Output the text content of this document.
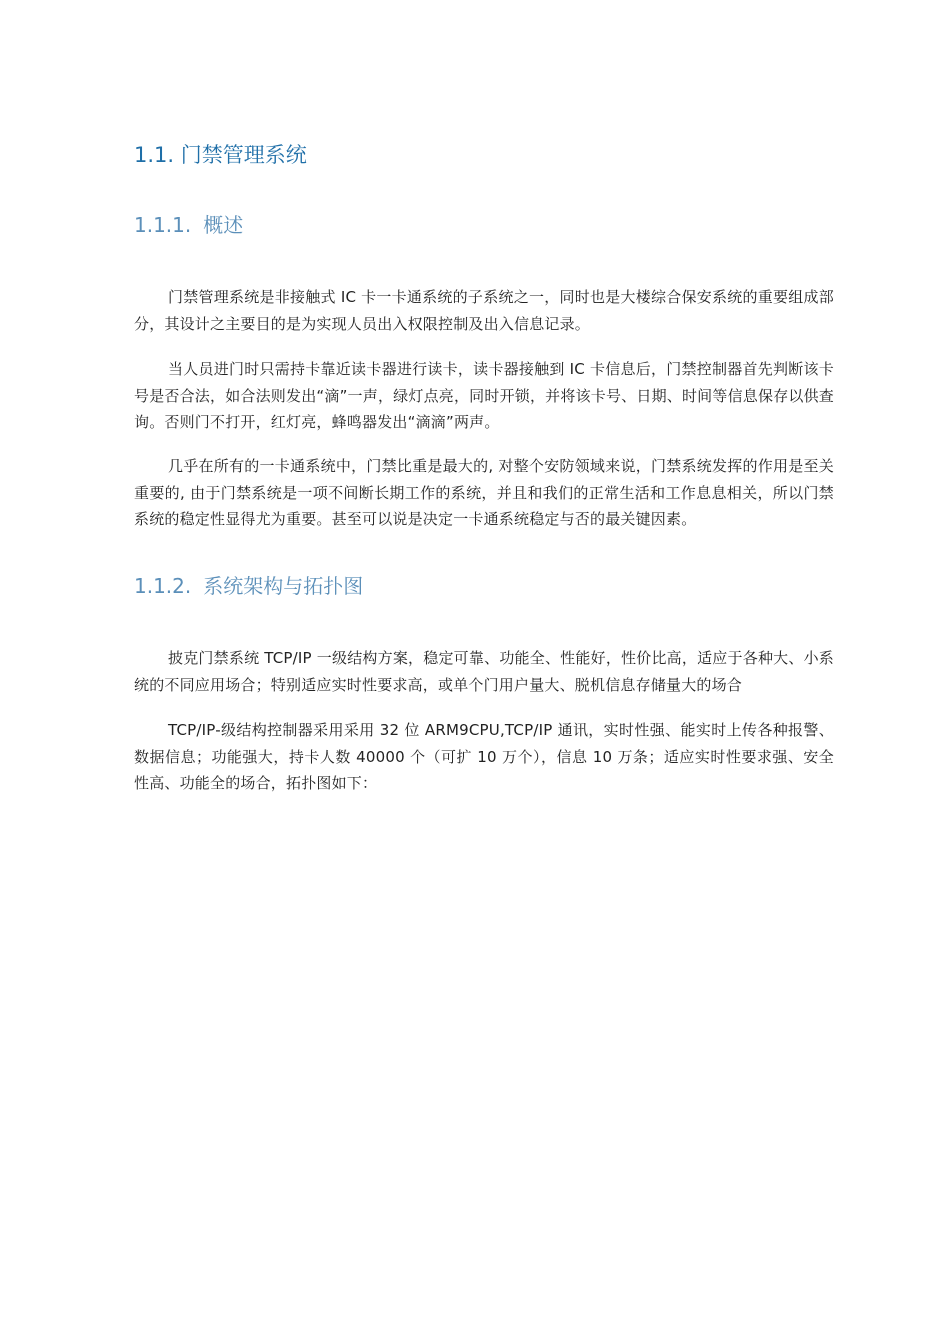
1.1. 门禁管理系统
1.1.1. 概述

门禁管理系统是非接触式 IC 卡一卡通系统的子系统之一，同时也是大楼综合保安系统的重要组成部分，其设计之主要目的是为实现人员出入权限控制及出入信息记录。

当人员进门时只需持卡靠近读卡器进行读卡，读卡器接触到 IC 卡信息后，门禁控制器首先判断该卡号是否合法，如合法则发出“滴”一声，绿灯点亮，同时开锁，并将该卡号、日期、时间等信息保存以供查询。否则门不打开，红灯亮，蜂鸣器发出“滴滴”两声。

几乎在所有的一卡通系统中，门禁比重是最大的, 对整个安防领域来说，门禁系统发挥的作用是至关重要的, 由于门禁系统是一项不间断长期工作的系统，并且和我们的正常生活和工作息息相关，所以门禁系统的稳定性显得尤为重要。甚至可以说是决定一卡通系统稳定与否的最关键因素。

1.1.2. 系统架构与拓扑图

披克门禁系统 TCP/IP 一级结构方案，稳定可靠、功能全、性能好，性价比高，适应于各种大、小系统的不同应用场合；特别适应实时性要求高，或单个门用户量大、脱机信息存储量大的场合

TCP/IP-级结构控制器采用采用 32 位 ARM9CPU,TCP/IP 通讯，实时性强、能实时上传各种报警、数据信息；功能强大，持卡人数 40000 个（可扩 10 万个），信息 10 万条；适应实时性要求强、安全性高、功能全的场合，拓扑图如下：
